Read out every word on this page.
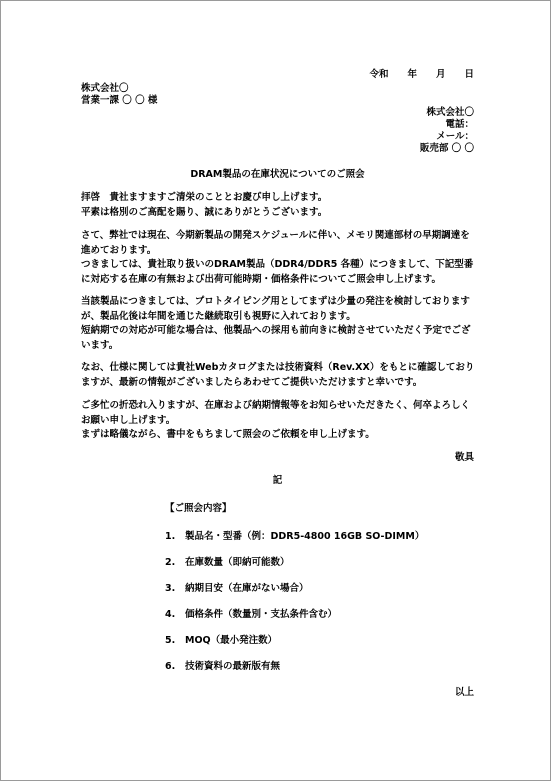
令和　　年　　月　　日
株式会社〇
営業一課 〇 〇 様
株式会社〇
電話：
メール：
販売部 〇 〇
DRAM製品の在庫状況についてのご照会
拝啓　貴社ますますご清栄のこととお慶び申し上げます。
平素は格別のご高配を賜り、誠にありがとうございます。
さて、弊社では現在、今期新製品の開発スケジュールに伴い、メモリ関連部材の早期調達を進めております。
つきましては、貴社取り扱いのDRAM製品（DDR4/DDR5 各種）につきまして、下記型番に対応する在庫の有無および出荷可能時期・価格条件についてご照会申し上げます。
当該製品につきましては、プロトタイピング用としてまずは少量の発注を検討しておりますが、製品化後は年間を通じた継続取引も視野に入れております。
短納期での対応が可能な場合は、他製品への採用も前向きに検討させていただく予定でございます。
なお、仕様に関しては貴社Webカタログまたは技術資料（Rev.XX）をもとに確認しておりますが、最新の情報がございましたらあわせてご提供いただけますと幸いです。
ご多忙の折恐れ入りますが、在庫および納期情報等をお知らせいただきたく、何卒よろしくお願い申し上げます。
まずは略儀ながら、書中をもちまして照会のご依頼を申し上げます。
敬具
記
【ご照会内容】
1. 製品名・型番（例：DDR5-4800 16GB SO-DIMM）
2. 在庫数量（即納可能数）
3. 納期目安（在庫がない場合）
4. 価格条件（数量別・支払条件含む）
5. MOQ（最小発注数）
6. 技術資料の最新版有無
以上
